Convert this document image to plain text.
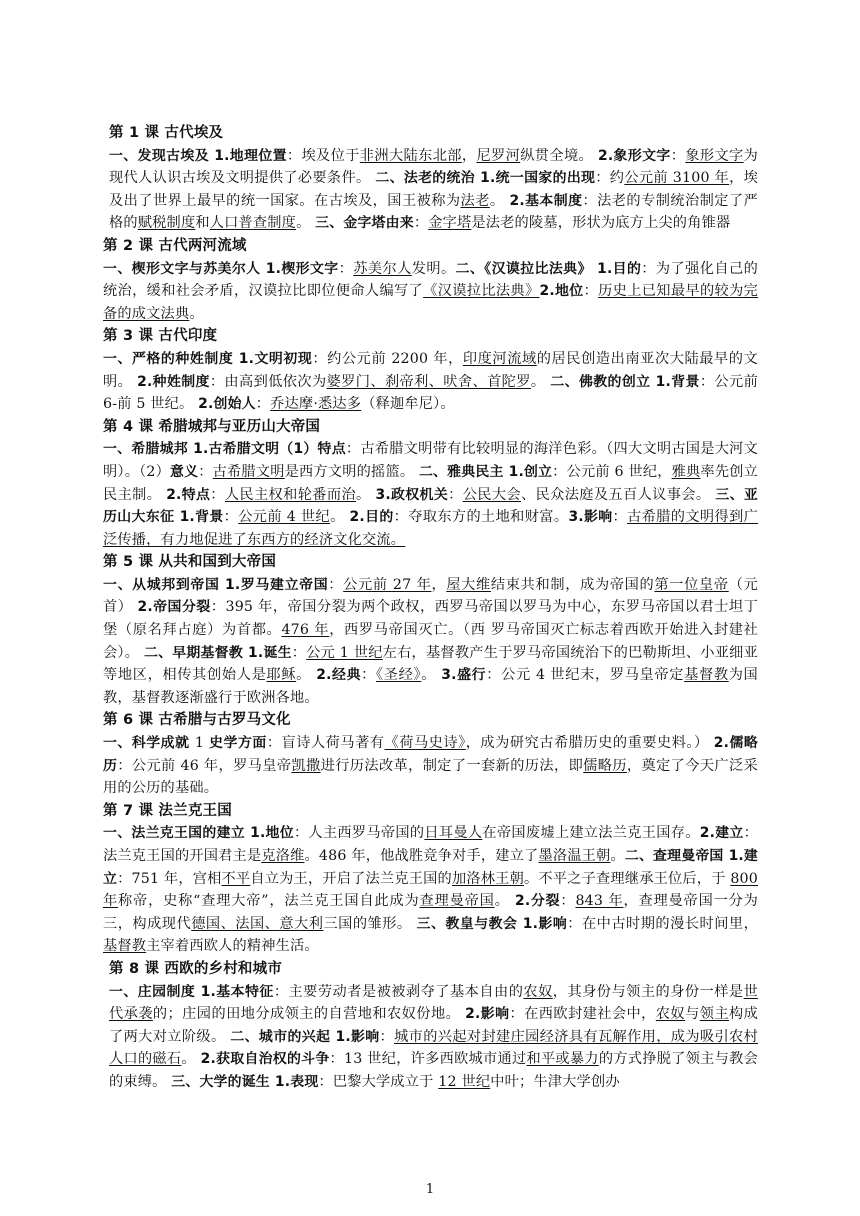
第 1 课 古代埃及
一、发现古埃及 1.地理位置：埃及位于非洲大陆东北部，尼罗河纵贯全境。 2.象形文字：象形文字为现代人认识古埃及文明提供了必要条件。 二、法老的统治 1.统一国家的出现：约公元前 3100 年，埃及出了世界上最早的统一国家。在古埃及，国王被称为法老。 2.基本制度：法老的专制统治制定了严格的赋税制度和人口普查制度。 三、金字塔由来：金字塔是法老的陵墓，形状为底方上尖的角锥器
第 2 课 古代两河流域
一、楔形文字与苏美尔人 1.楔形文字：苏美尔人发明。二、《汉谟拉比法典》 1.目的：为了强化自己的统治，缓和社会矛盾，汉谟拉比即位便命人编写了《汉谟拉比法典》2.地位：历史上已知最早的较为完备的成文法典。
第 3 课 古代印度
一、严格的种姓制度 1.文明初现：约公元前 2200 年，印度河流域的居民创造出南亚次大陆最早的文明。 2.种姓制度：由高到低依次为婆罗门、刹帝利、吠舍、首陀罗。 二、佛教的创立 1.背景：公元前 6-前 5 世纪。 2.创始人：乔达摩·悉达多（释迦牟尼）。
第 4 课 希腊城邦与亚历山大帝国
一、希腊城邦 1.古希腊文明（1）特点：古希腊文明带有比较明显的海洋色彩。（四大文明古国是大河文明）。（2）意义：古希腊文明是西方文明的摇篮。 二、雅典民主 1.创立：公元前 6 世纪，雅典率先创立民主制。 2.特点：人民主权和轮番而治。 3.政权机关：公民大会、民众法庭及五百人议事会。 三、亚历山大东征 1.背景：公元前 4 世纪。 2.目的：夺取东方的土地和财富。3.影响：古希腊的文明得到广泛传播，有力地促进了东西方的经济文化交流。
第 5 课 从共和国到大帝国
一、从城邦到帝国 1.罗马建立帝国：公元前 27 年，屋大维结束共和制，成为帝国的第一位皇帝（元首） 2.帝国分裂：395 年，帝国分裂为两个政权，西罗马帝国以罗马为中心，东罗马帝国以君士坦丁堡（原名拜占庭）为首都。476 年，西罗马帝国灭亡。（西 罗马帝国灭亡标志着西欧开始进入封建社会）。 二、早期基督教 1.诞生：公元 1 世纪左右，基督教产生于罗马帝国统治下的巴勒斯坦、小亚细亚等地区，相传其创始人是耶稣。 2.经典：《圣经》。 3.盛行：公元 4 世纪末，罗马皇帝定基督教为国教，基督教逐渐盛行于欧洲各地。
第 6 课 古希腊与古罗马文化
一、科学成就 1 史学方面：盲诗人荷马著有《荷马史诗》，成为研究古希腊历史的重要史料。） 2.儒略历：公元前 46 年，罗马皇帝凯撒进行历法改革，制定了一套新的历法，即儒略历，奠定了今天广泛采用的公历的基础。
第 7 课 法兰克王国
一、法兰克王国的建立 1.地位：人主西罗马帝国的日耳曼人在帝国废墟上建立法兰克王国存。2.建立：法兰克王国的开国君主是克洛维。486 年，他战胜竞争对手，建立了墨洛温王朝。二、查理曼帝国 1.建立：751 年，宫相不平自立为王，开启了法兰克王国的加洛林王朝。不平之子查理继承王位后，于 800 年称帝，史称“查理大帝”，法兰克王国自此成为查理曼帝国。 2.分裂：843 年，查理曼帝国一分为三，构成现代德国、法国、意大利三国的雏形。 三、教皇与教会 1.影响：在中古时期的漫长时间里，基督教主宰着西欧人的精神生活。
第 8 课 西欧的乡村和城市
一、庄园制度 1.基本特征：主要劳动者是被被剥夺了基本自由的农奴，其身份与领主的身份一样是世代承袭的；庄园的田地分成领主的自营地和农奴份地。 2.影响：在西欧封建社会中，农奴与领主构成了两大对立阶级。 二、城市的兴起 1.影响：城市的兴起对封建庄园经济具有瓦解作用，成为吸引农村人口的磁石。 2.获取自治权的斗争：13 世纪，许多西欧城市通过和平或暴力的方式挣脱了领主与教会的束缚。 三、大学的诞生 1.表现：巴黎大学成立于 12 世纪中叶；牛津大学创办
1
